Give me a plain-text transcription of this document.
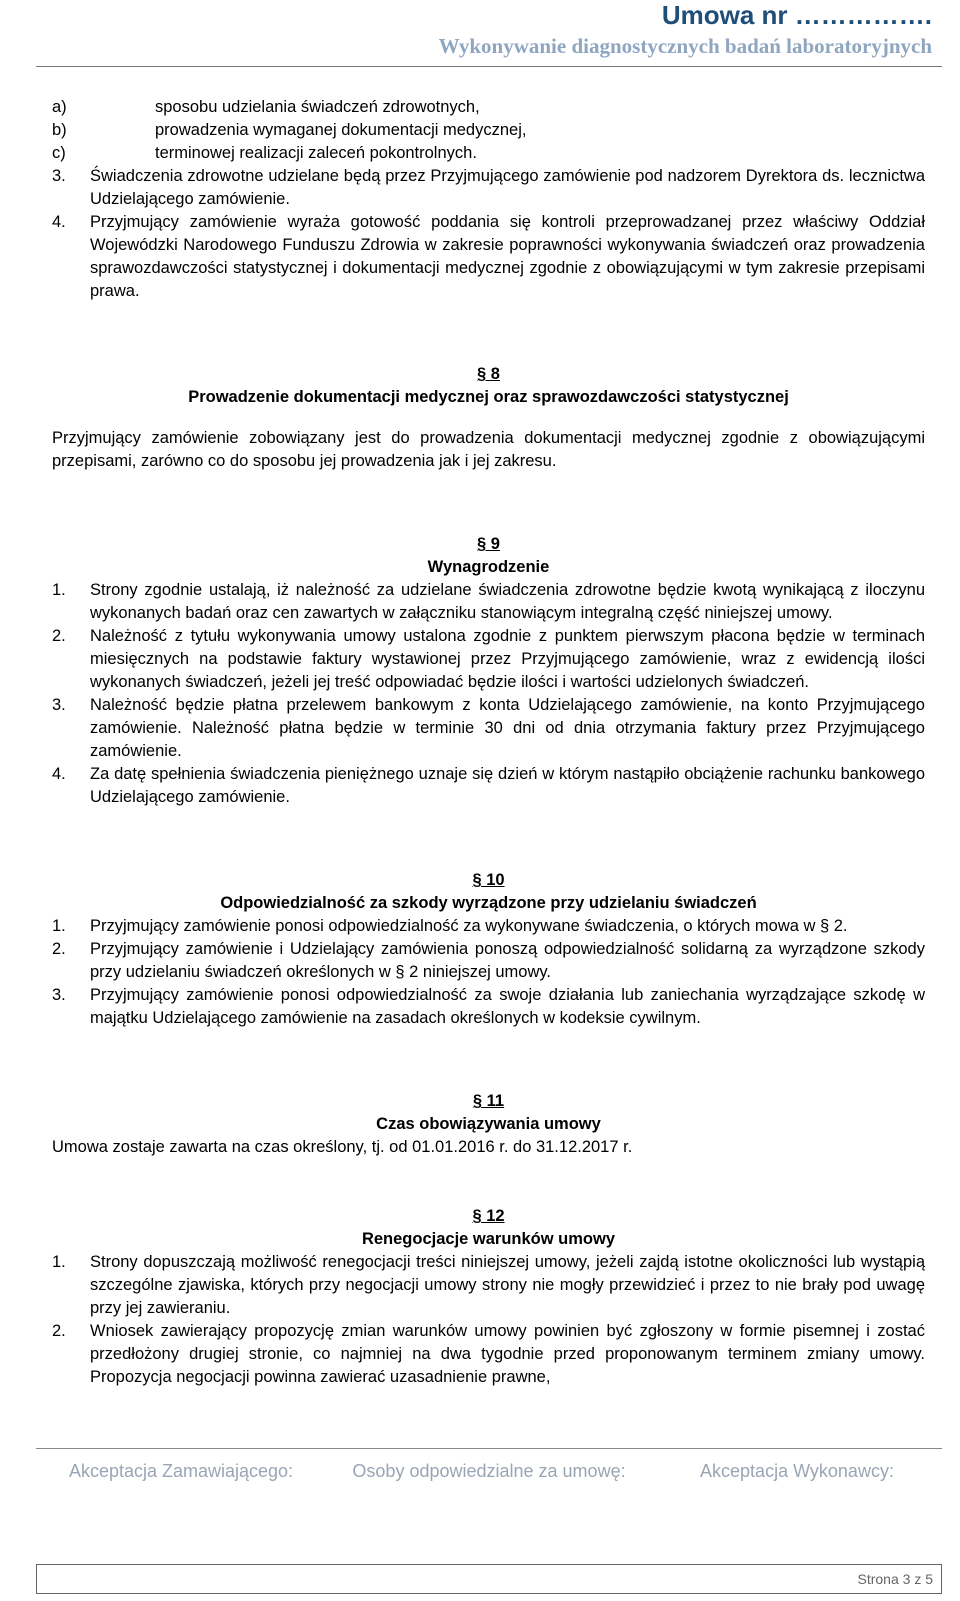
Umowa nr …………….
Wykonywanie diagnostycznych badań laboratoryjnych
a)	sposobu udzielania świadczeń zdrowotnych,
b)	prowadzenia wymaganej dokumentacji medycznej,
c)	terminowej realizacji zaleceń pokontrolnych.
3.	Świadczenia zdrowotne udzielane będą przez Przyjmującego zamówienie pod nadzorem Dyrektora ds. lecznictwa Udzielającego zamówienie.
4.	Przyjmujący zamówienie wyraża gotowość poddania się kontroli przeprowadzanej przez właściwy Oddział Wojewódzki Narodowego Funduszu Zdrowia w zakresie poprawności wykonywania świadczeń oraz prowadzenia sprawozdawczości statystycznej i dokumentacji medycznej zgodnie z obowiązującymi w tym zakresie przepisami prawa.
§ 8
Prowadzenie dokumentacji medycznej oraz sprawozdawczości statystycznej
Przyjmujący zamówienie zobowiązany jest do prowadzenia dokumentacji medycznej zgodnie z obowiązującymi przepisami, zarówno co do sposobu jej prowadzenia jak i jej zakresu.
§ 9
Wynagrodzenie
1.	Strony zgodnie ustalają, iż należność za udzielane świadczenia zdrowotne będzie kwotą wynikającą z iloczynu wykonanych badań oraz cen zawartych w załączniku stanowiącym integralną część niniejszej umowy.
2.	Należność z tytułu wykonywania umowy ustalona zgodnie z punktem pierwszym płacona będzie w terminach miesięcznych na podstawie faktury wystawionej przez Przyjmującego zamówienie, wraz z ewidencją ilości wykonanych świadczeń, jeżeli jej treść odpowiadać będzie ilości i wartości udzielonych świadczeń.
3.	Należność będzie płatna przelewem bankowym z konta Udzielającego zamówienie, na konto Przyjmującego zamówienie. Należność płatna będzie w terminie 30 dni od dnia otrzymania faktury przez Przyjmującego zamówienie.
4.	Za datę spełnienia świadczenia pieniężnego uznaje się dzień w którym nastąpiło obciążenie rachunku bankowego Udzielającego zamówienie.
§ 10
Odpowiedzialność za szkody wyrządzone przy udzielaniu świadczeń
1.	Przyjmujący zamówienie ponosi odpowiedzialność za wykonywane świadczenia, o których mowa w § 2.
2.	Przyjmujący zamówienie i Udzielający zamówienia ponoszą odpowiedzialność solidarną za wyrządzone szkody przy udzielaniu świadczeń określonych w § 2 niniejszej umowy.
3.	Przyjmujący zamówienie ponosi odpowiedzialność za swoje działania lub zaniechania wyrządzające szkodę w majątku Udzielającego zamówienie na zasadach określonych w kodeksie cywilnym.
§ 11
Czas obowiązywania umowy
Umowa zostaje zawarta na czas określony, tj. od 01.01.2016 r. do 31.12.2017 r.
§ 12
Renegocjacje warunków umowy
1.	Strony dopuszczają możliwość renegocjacji treści niniejszej umowy, jeżeli zajdą istotne okoliczności lub wystąpią szczególne zjawiska, których przy negocjacji umowy strony nie mogły przewidzieć i przez to nie brały pod uwagę przy jej zawieraniu.
2.	Wniosek zawierający propozycję zmian warunków umowy powinien być zgłoszony w formie pisemnej i zostać przedłożony drugiej stronie, co najmniej na dwa tygodnie przed proponowanym terminem zmiany umowy. Propozycja negocjacji powinna zawierać uzasadnienie prawne,
Akceptacja Zamawiającego:	Osoby odpowiedzialne za umowę:	Akceptacja Wykonawcy:
Strona 3 z 5
